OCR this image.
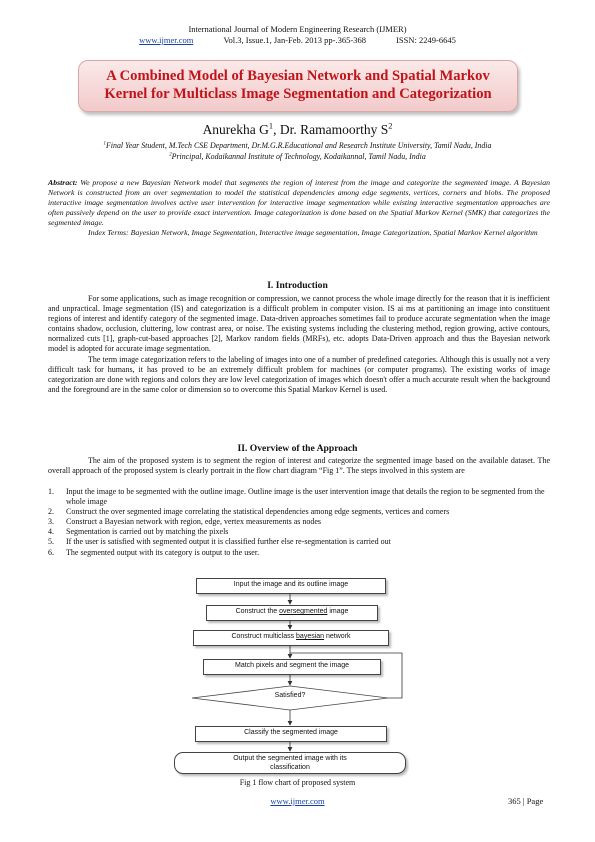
International Journal of Modern Engineering Research (IJMER)
www.ijmer.com	Vol.3, Issue.1, Jan-Feb. 2013 pp-.365-368	ISSN: 2249-6645
A Combined Model of Bayesian Network and Spatial Markov
Kernel for Multiclass Image Segmentation and Categorization
Anurekha $G^1$, Dr. Ramamoorthy $S^2$
$^1$Final Year Student, M.Tech CSE Department, Dr.M.G.R.Educational and Research Institute University, Tamil Nadu, India
$^2$Principal, Kodaikannal Institute of Technology, Kodaikannal, Tamil Nadu, India
Abstract: We propose a new Bayesian Network model that segments the region of interest from the image and categorize the segmented image. A Bayesian Network is constructed from an over segmentation to model the statistical dependencies among edge segments, vertices, corners and blobs. The proposed interactive image segmentation involves active user intervention for interactive image segmentation while existing interactive segmentation approaches are often passively depend on the user to provide exact intervention. Image categorization is done based on the Spatial Markov Kernel (SMK) that categorizes the segmented image.
Index Terms: Bayesian Network, Image Segmentation, Interactive image segmentation, Image Categorization, Spatial Markov Kernel algorithm
I. Introduction

For some applications, such as image recognition or compression, we cannot process the whole image directly for the reason that it is inefficient and unpractical. Image segmentation (IS) and categorization is a difficult problem in computer vision. IS ai ms at partitioning an image into constituent regions of interest and identify category of the segmented image. Data-driven approaches sometimes fail to produce accurate segmentation when the image contains shadow, occlusion, cluttering, low contrast area, or noise. The existing systems including the clustering method, region growing, active contours, normalized cuts [1], graph-cut-based approaches [2], Markov random fields (MRFs), etc. adopts Data-Driven approach and thus the Bayesian network model is adopted for accurate image segmentation.

The term image categorization refers to the labeling of images into one of a number of predefined categories. Although this is usually not a very difficult task for humans, it has proved to be an extremely difficult problem for machines (or computer programs). The existing works of image categorization are done with regions and colors they are low level categorization of images which doesn't offer a much accurate result when the background and the foreground are in the same color or dimension so to overcome this Spatial Markov Kernel is used.

II. Overview of the Approach

The aim of the proposed system is to segment the region of interest and categorize the segmented image based on the available dataset. The overall approach of the proposed system is clearly portrait in the flow chart diagram “Fig 1”. The steps involved in this system are

1. Input the image to be segmented with the outline image. Outline image is the user intervention image that details the region to be segmented from the whole image
2. Construct the over segmented image correlating the statistical dependencies among edge segments, vertices and corners
3. Construct a Bayesian network with region, edge, vertex measurements as nodes
4. Segmentation is carried out by matching the pixels
5. If the user is satisfied with segmented output it is classified further else re-segmentation is carried out
6. The segmented output with its category is output to the user.
Input the image and its outline image
Construct the oversegmented image
Construct multiclass bayesian network
Match pixels and segment the image
Satisfied?
Classify the segmented image
Output the segmented image with its
classification
Fig 1 flow chart of proposed system
www.ijmer.com	365 | Page
